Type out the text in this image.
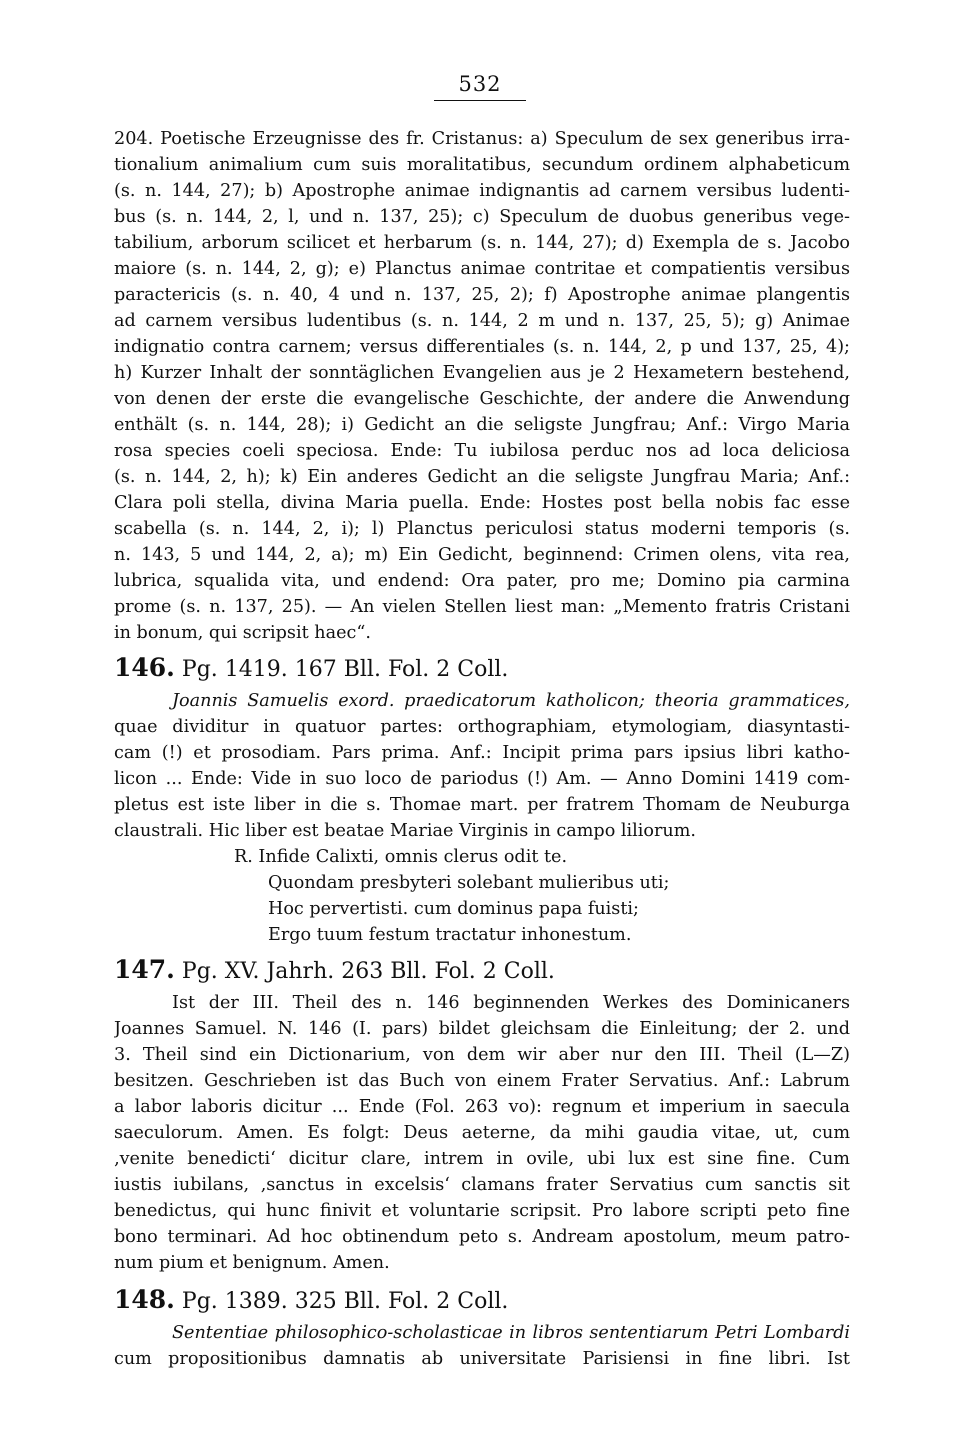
532
204. Poetische Erzeugnisse des fr. Cristanus: a) Speculum de sex generibus irra-
tionalium animalium cum suis moralitatibus, secundum ordinem alphabeticum
(s. n. 144, 27); b) Apostrophe animae indignantis ad carnem versibus ludenti-
bus (s. n. 144, 2, l, und n. 137, 25); c) Speculum de duobus generibus vege-
tabilium, arborum scilicet et herbarum (s. n. 144, 27); d) Exempla de s. Jacobo
maiore (s. n. 144, 2, g); e) Planctus animae contritae et compatientis versibus
paractericis (s. n. 40, 4 und n. 137, 25, 2); f) Apostrophe animae plangentis
ad carnem versibus ludentibus (s. n. 144, 2 m und n. 137, 25, 5); g) Animae
indignatio contra carnem; versus differentiales (s. n. 144, 2, p und 137, 25, 4);
h) Kurzer Inhalt der sonntäglichen Evangelien aus je 2 Hexametern bestehend,
von denen der erste die evangelische Geschichte, der andere die Anwendung
enthält (s. n. 144, 28); i) Gedicht an die seligste Jungfrau; Anf.: Virgo Maria
rosa species coeli speciosa. Ende: Tu iubilosa perduc nos ad loca deliciosa
(s. n. 144, 2, h); k) Ein anderes Gedicht an die seligste Jungfrau Maria; Anf.:
Clara poli stella, divina Maria puella. Ende: Hostes post bella nobis fac esse
scabella (s. n. 144, 2, i); l) Planctus periculosi status moderni temporis (s.
n. 143, 5 und 144, 2, a); m) Ein Gedicht, beginnend: Crimen olens, vita rea,
lubrica, squalida vita, und endend: Ora pater, pro me; Domino pia carmina
prome (s. n. 137, 25). — An vielen Stellen liest man: „Memento fratris Cristani
in bonum, qui scripsit haec“.
146. Pg. 1419. 167 Bll. Fol. 2 Coll.
Joannis Samuelis exord. praedicatorum katholicon; theoria grammatices,
quae dividitur in quatuor partes: orthographiam, etymologiam, diasyntasti-
cam (!) et prosodiam. Pars prima. Anf.: Incipit prima pars ipsius libri katho-
licon ... Ende: Vide in suo loco de pariodus (!) Am. — Anno Domini 1419 com-
pletus est iste liber in die s. Thomae mart. per fratrem Thomam de Neuburga
claustrali. Hic liber est beatae Mariae Virginis in campo liliorum.
R. Infide Calixti, omnis clerus odit te.
Quondam presbyteri solebant mulieribus uti;
Hoc pervertisti. cum dominus papa fuisti;
Ergo tuum festum tractatur inhonestum.
147. Pg. XV. Jahrh. 263 Bll. Fol. 2 Coll.
Ist der III. Theil des n. 146 beginnenden Werkes des Dominicaners
Joannes Samuel. N. 146 (I. pars) bildet gleichsam die Einleitung; der 2. und
3. Theil sind ein Dictionarium, von dem wir aber nur den III. Theil (L—Z)
besitzen. Geschrieben ist das Buch von einem Frater Servatius. Anf.: Labrum
a labor laboris dicitur ... Ende (Fol. 263 vo): regnum et imperium in saecula
saeculorum. Amen. Es folgt: Deus aeterne, da mihi gaudia vitae, ut, cum
‚venite benedicti‘ dicitur clare, intrem in ovile, ubi lux est sine fine. Cum
iustis iubilans, ‚sanctus in excelsis‘ clamans frater Servatius cum sanctis sit
benedictus, qui hunc finivit et voluntarie scripsit. Pro labore scripti peto fine
bono terminari. Ad hoc obtinendum peto s. Andream apostolum, meum patro-
num pium et benignum. Amen.
148. Pg. 1389. 325 Bll. Fol. 2 Coll.
Sententiae philosophico-scholasticae in libros sententiarum Petri Lombardi
cum propositionibus damnatis ab universitate Parisiensi in fine libri. Ist
